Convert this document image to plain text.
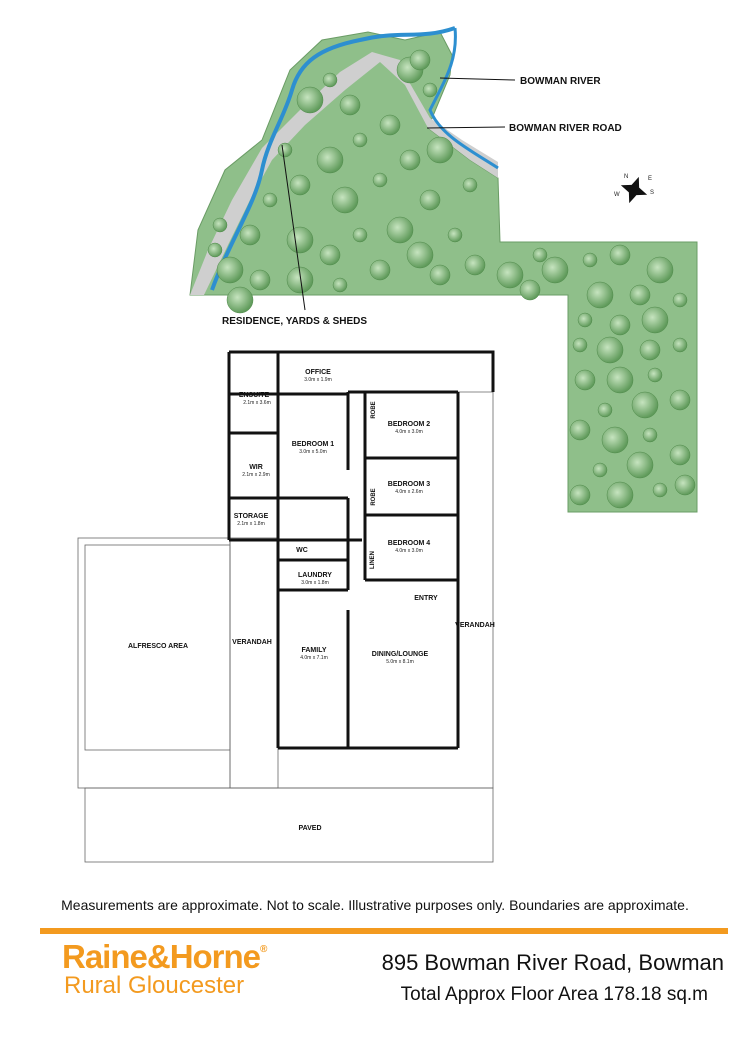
BOWMAN RIVER
BOWMAN RIVER ROAD
RESIDENCE, YARDS & SHEDS
N
S
E
W
OFFICE
3.0m x 1.9m
ENSUITE
2.1m x 3.6m
BEDROOM 1
3.0m x 5.0m
WIR
2.1m x 2.9m
STORAGE
2.1m x 1.8m
BEDROOM 2
4.0m x 3.0m
BEDROOM 3
4.0m x 2.6m
BEDROOM 4
4.0m x 3.0m
ROBE
ROBE
LINEN
WC
LAUNDRY
3.0m x 1.8m
FAMILY
4.0m x 7.1m	DINING/LOUNGE
5.0m x 8.1m
ENTRY
VERANDAH
VERANDAH
ALFRESCO AREA
PAVED
Measurements are approximate. Not to scale. Illustrative purposes only. Boundaries are approximate.
Raine&Horne®
Rural Gloucester
895 Bowman River Road, Bowman
Total Approx Floor Area 178.18 sq.m
